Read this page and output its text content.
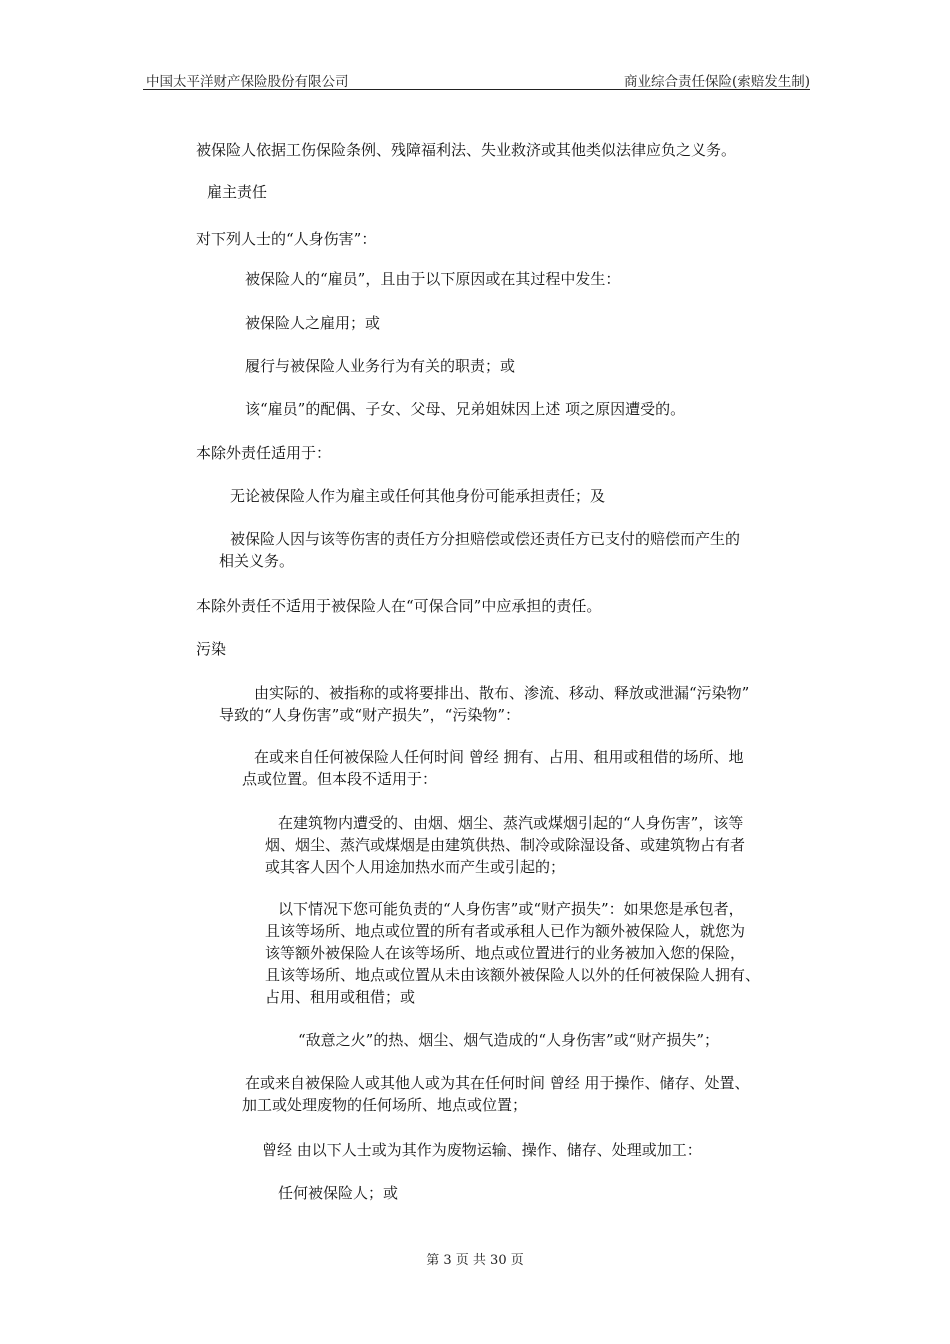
中国太平洋财产保险股份有限公司	商业综合责任保险(索赔发生制)
被保险人依据工伤保险条例、残障福利法、失业救济或其他类似法律应负之义务。
雇主责任
对下列人士的“人身伤害”：
被保险人的“雇员”，且由于以下原因或在其过程中发生：
被保险人之雇用；或
履行与被保险人业务行为有关的职责；或
该“雇员”的配偶、子女、父母、兄弟姐妹因上述 项之原因遭受的。
本除外责任适用于：
无论被保险人作为雇主或任何其他身份可能承担责任；及
被保险人因与该等伤害的责任方分担赔偿或偿还责任方已支付的赔偿而产生的
相关义务。
本除外责任不适用于被保险人在“可保合同”中应承担的责任。
污染
由实际的、被指称的或将要排出、散布、渗流、移动、释放或泄漏“污染物”
导致的“人身伤害”或“财产损失”，“污染物”：
在或来自任何被保险人任何时间 曾经 拥有、占用、租用或租借的场所、地
点或位置。但本段不适用于：
在建筑物内遭受的、由烟、烟尘、蒸汽或煤烟引起的“人身伤害”，该等
烟、烟尘、蒸汽或煤烟是由建筑供热、制冷或除湿设备、或建筑物占有者
或其客人因个人用途加热水而产生或引起的；
以下情况下您可能负责的“人身伤害”或“财产损失”：如果您是承包者，
且该等场所、地点或位置的所有者或承租人已作为额外被保险人，就您为
该等额外被保险人在该等场所、地点或位置进行的业务被加入您的保险，
且该等场所、地点或位置从未由该额外被保险人以外的任何被保险人拥有、
占用、租用或租借；或
“敌意之火”的热、烟尘、烟气造成的“人身伤害”或“财产损失”；
在或来自被保险人或其他人或为其在任何时间 曾经 用于操作、储存、处置、
加工或处理废物的任何场所、地点或位置；
曾经 由以下人士或为其作为废物运输、操作、储存、处理或加工：
任何被保险人；或
第 3 页 共 30 页
